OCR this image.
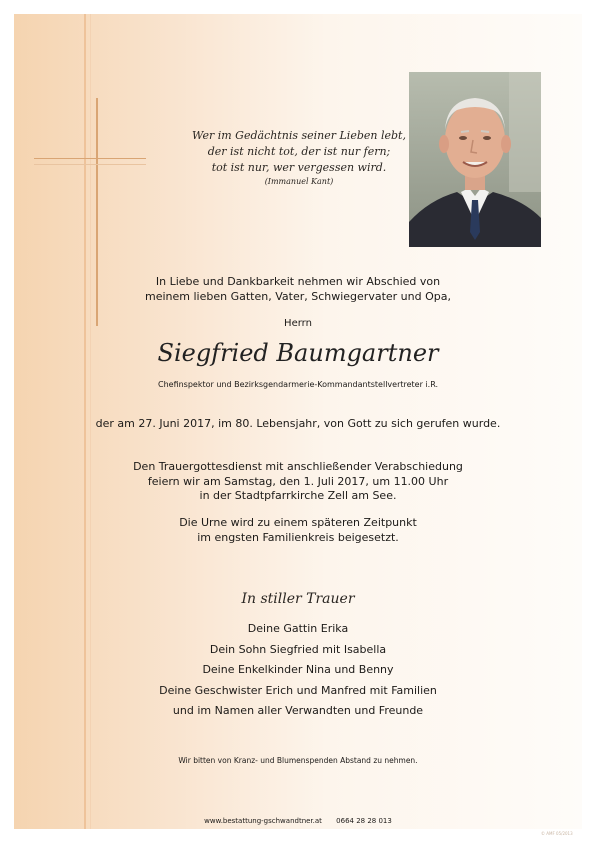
Wer im Gedächtnis seiner Lieben lebt,
der ist nicht tot, der ist nur fern;
tot ist nur, wer vergessen wird.
(Immanuel Kant)
In Liebe und Dankbarkeit nehmen wir Abschied von
meinem lieben Gatten, Vater, Schwiegervater und Opa,
Herrn
Siegfried Baumgartner
Chefinspektor und Bezirksgendarmerie-Kommandantstellvertreter i.R.
der am 27. Juni 2017, im 80. Lebensjahr, von Gott zu sich gerufen wurde.
Den Trauergottesdienst mit anschließender Verabschiedung
feiern wir am Samstag, den 1. Juli 2017, um 11.00 Uhr
in der Stadtpfarrkirche Zell am See.
Die Urne wird zu einem späteren Zeitpunkt
im engsten Familienkreis beigesetzt.
In stiller Trauer
Deine Gattin Erika
Dein Sohn Siegfried mit Isabella
Deine Enkelkinder Nina und Benny
Deine Geschwister Erich und Manfred mit Familien
und im Namen aller Verwandten und Freunde
Wir bitten von Kranz- und Blumenspenden Abstand zu nehmen.
www.bestattung-gschwandtner.at 0664 28 28 013
© AMF 05/2013
